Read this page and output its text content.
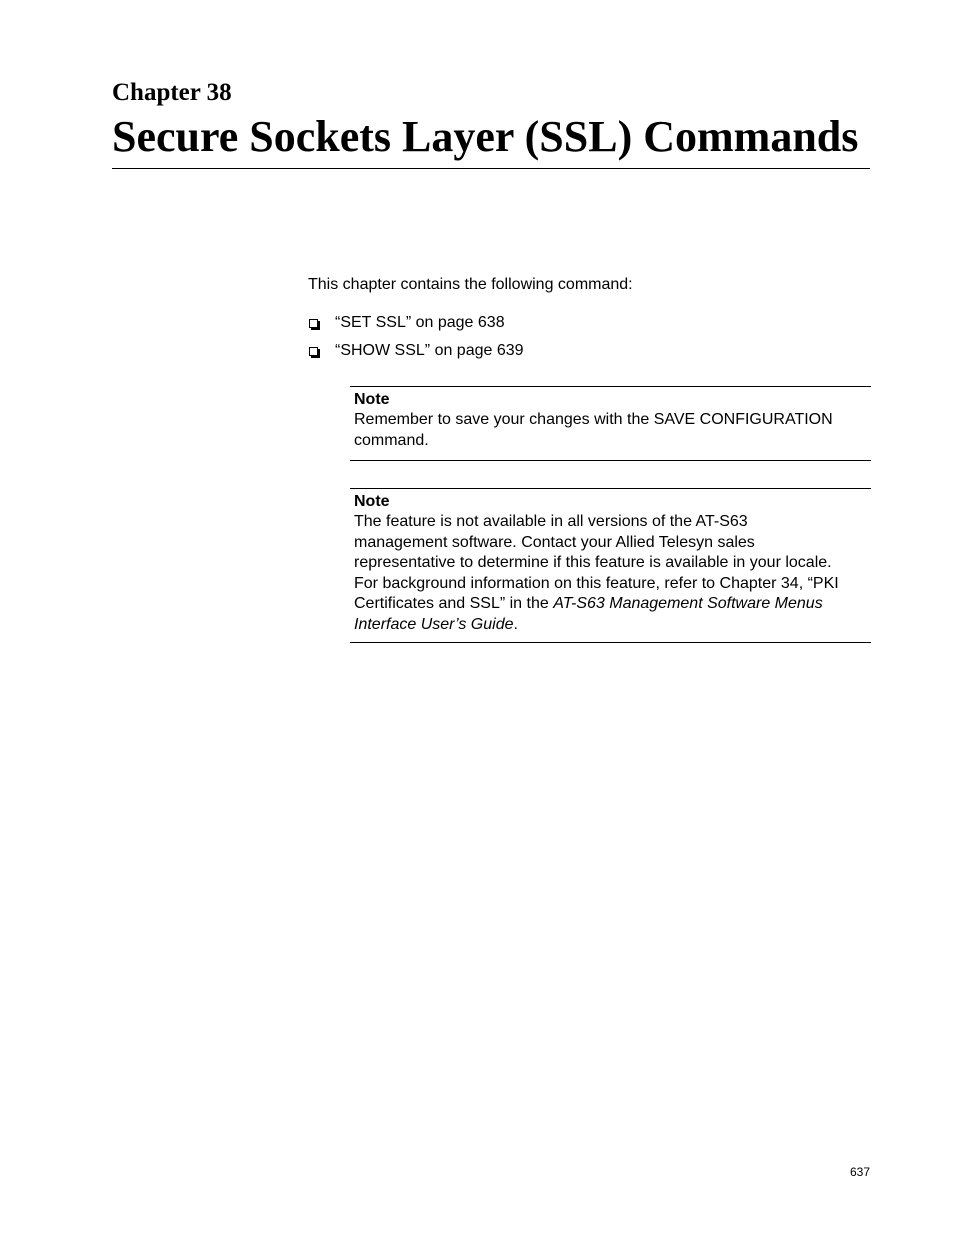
Chapter 38

Secure Sockets Layer (SSL) Commands

This chapter contains the following command:

“SET SSL” on page 638
“SHOW SSL” on page 639

Note

Remember to save your changes with the SAVE CONFIGURATION
command.

Note

The feature is not available in all versions of the AT-S63
management software. Contact your Allied Telesyn sales
representative to determine if this feature is available in your locale.
For background information on this feature, refer to Chapter 34, “PKI
Certificates and SSL” in the AT-S63 Management Software Menus
Interface User’s Guide.

637
